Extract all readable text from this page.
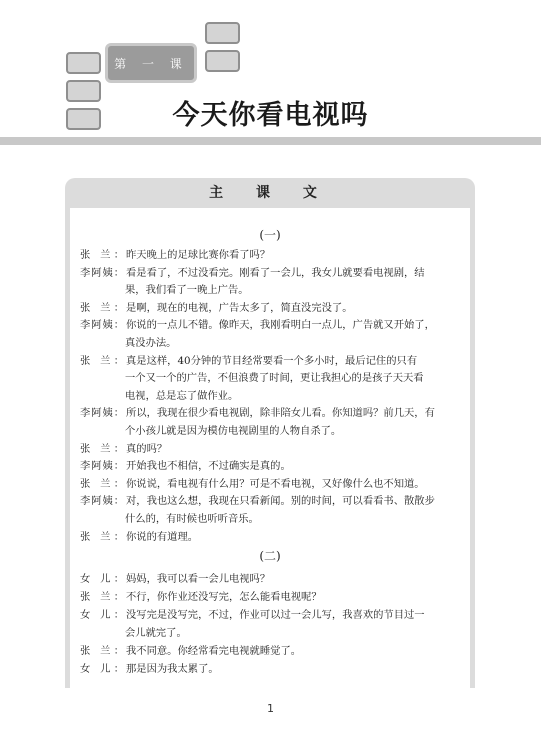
第 一 课
今天你看电视吗
主 课 文
(一)
张 兰： 昨天晚上的足球比赛你看了吗？
李阿姨： 看是看了，不过没看完。刚看了一会儿，我女儿就要看电视剧，结
果，我们看了一晚上广告。
张 兰： 是啊，现在的电视，广告太多了，简直没完没了。
李阿姨： 你说的一点儿不错。像昨天，我刚看明白一点儿，广告就又开始了，
真没办法。
张 兰： 真是这样，40分钟的节目经常要看一个多小时，最后记住的只有
一个又一个的广告，不但浪费了时间，更让我担心的是孩子天天看
电视，总是忘了做作业。
李阿姨： 所以，我现在很少看电视剧，除非陪女儿看。你知道吗？前几天，有
个小孩儿就是因为模仿电视剧里的人物自杀了。
张 兰： 真的吗？
李阿姨： 开始我也不相信，不过确实是真的。
张 兰： 你说说，看电视有什么用？可是不看电视，又好像什么也不知道。
李阿姨： 对，我也这么想，我现在只看新闻。别的时间，可以看看书、散散步
什么的，有时候也听听音乐。
张 兰： 你说的有道理。
(二)
女 儿： 妈妈，我可以看一会儿电视吗？
张 兰： 不行，你作业还没写完，怎么能看电视呢？
女 儿： 没写完是没写完，不过，作业可以过一会儿写，我喜欢的节目过一
会儿就完了。
张 兰： 我不同意。你经常看完电视就睡觉了。
女 儿： 那是因为我太累了。
1
